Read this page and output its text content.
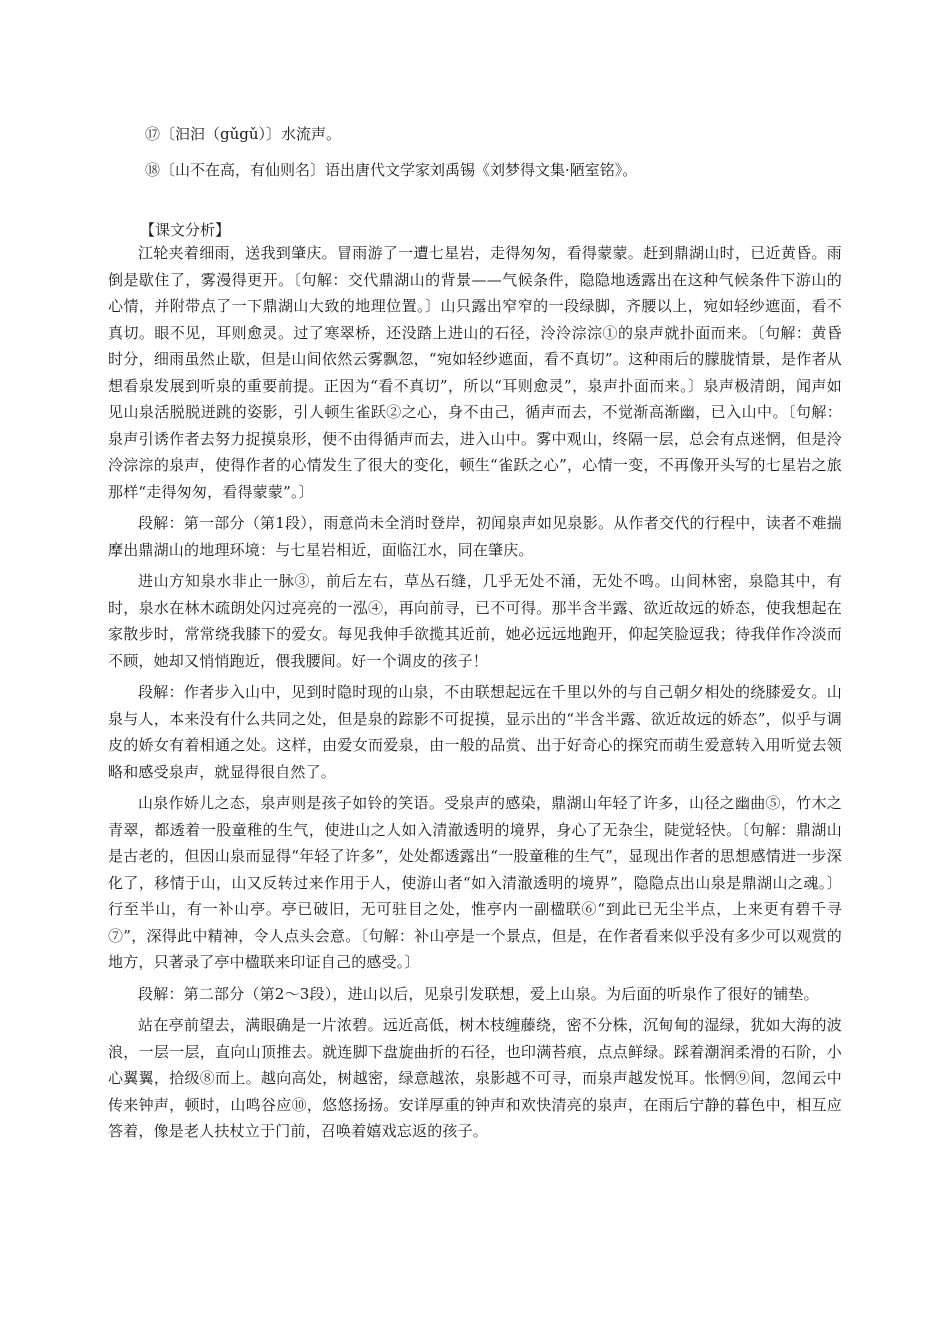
⑰〔汩汩（gǔgǔ）〕水流声。

⑱〔山不在高，有仙则名〕语出唐代文学家刘禹锡《刘梦得文集·陋室铭》。

【课文分析】

江轮夹着细雨，送我到肇庆。冒雨游了一遭七星岩，走得匆匆，看得蒙蒙。赶到鼎湖山时，已近黄昏。雨倒是歇住了，雾漫得更开。〔句解：交代鼎湖山的背景——气候条件，隐隐地透露出在这种气候条件下游山的心情，并附带点了一下鼎湖山大致的地理位置。〕山只露出窄窄的一段绿脚，齐腰以上，宛如轻纱遮面，看不真切。眼不见，耳则愈灵。过了寒翠桥，还没踏上进山的石径，泠泠淙淙①的泉声就扑面而来。〔句解：黄昏时分，细雨虽然止歇，但是山间依然云雾飘忽，“宛如轻纱遮面，看不真切”。这种雨后的朦胧情景，是作者从想看泉发展到听泉的重要前提。正因为“看不真切”，所以“耳则愈灵”，泉声扑面而来。〕泉声极清朗，闻声如见山泉活脱脱迸跳的姿影，引人顿生雀跃②之心，身不由己，循声而去，不觉渐高渐幽，已入山中。〔句解：泉声引诱作者去努力捉摸泉形，便不由得循声而去，进入山中。雾中观山，终隔一层，总会有点迷惘，但是泠泠淙淙的泉声，使得作者的心情发生了很大的变化，顿生“雀跃之心”，心情一变，不再像开头写的七星岩之旅那样“走得匆匆，看得蒙蒙”。〕

段解：第一部分（第1段），雨意尚未全消时登岸，初闻泉声如见泉影。从作者交代的行程中，读者不难揣摩出鼎湖山的地理环境：与七星岩相近，面临江水，同在肇庆。

进山方知泉水非止一脉③，前后左右，草丛石缝，几乎无处不涌，无处不鸣。山间林密，泉隐其中，有时，泉水在林木疏朗处闪过亮亮的一泓④，再向前寻，已不可得。那半含半露、欲近故远的娇态，使我想起在家散步时，常常绕我膝下的爱女。每见我伸手欲揽其近前，她必远远地跑开，仰起笑脸逗我；待我佯作冷淡而不顾，她却又悄悄跑近，偎我腰间。好一个调皮的孩子！

段解：作者步入山中，见到时隐时现的山泉，不由联想起远在千里以外的与自己朝夕相处的绕膝爱女。山泉与人，本来没有什么共同之处，但是泉的踪影不可捉摸，显示出的“半含半露、欲近故远的娇态”，似乎与调皮的娇女有着相通之处。这样，由爱女而爱泉，由一般的品赏、出于好奇心的探究而萌生爱意转入用听觉去领略和感受泉声，就显得很自然了。

山泉作娇儿之态，泉声则是孩子如铃的笑语。受泉声的感染，鼎湖山年轻了许多，山径之幽曲⑤，竹木之青翠，都透着一股童稚的生气，使进山之人如入清澈透明的境界，身心了无杂尘，陡觉轻快。〔句解：鼎湖山是古老的，但因山泉而显得“年轻了许多”，处处都透露出“一股童稚的生气”，显现出作者的思想感情进一步深化了，移情于山，山又反转过来作用于人，使游山者“如入清澈透明的境界”，隐隐点出山泉是鼎湖山之魂。〕行至半山，有一补山亭。亭已破旧，无可驻目之处，惟亭内一副楹联⑥“到此已无尘半点，上来更有碧千寻⑦”，深得此中精神，令人点头会意。〔句解：补山亭是一个景点，但是，在作者看来似乎没有多少可以观赏的地方，只著录了亭中楹联来印证自己的感受。〕

段解：第二部分（第2～3段），进山以后，见泉引发联想，爱上山泉。为后面的听泉作了很好的铺垫。

站在亭前望去，满眼确是一片浓碧。远近高低，树木枝缠藤绕，密不分株，沉甸甸的湿绿，犹如大海的波浪，一层一层，直向山顶推去。就连脚下盘旋曲折的石径，也印满苔痕，点点鲜绿。踩着潮润柔滑的石阶，小心翼翼，拾级⑧而上。越向高处，树越密，绿意越浓，泉影越不可寻，而泉声越发悦耳。怅惘⑨间，忽闻云中传来钟声，顿时，山鸣谷应⑩，悠悠扬扬。安详厚重的钟声和欢快清亮的泉声，在雨后宁静的暮色中，相互应答着，像是老人扶杖立于门前，召唤着嬉戏忘返的孩子。
